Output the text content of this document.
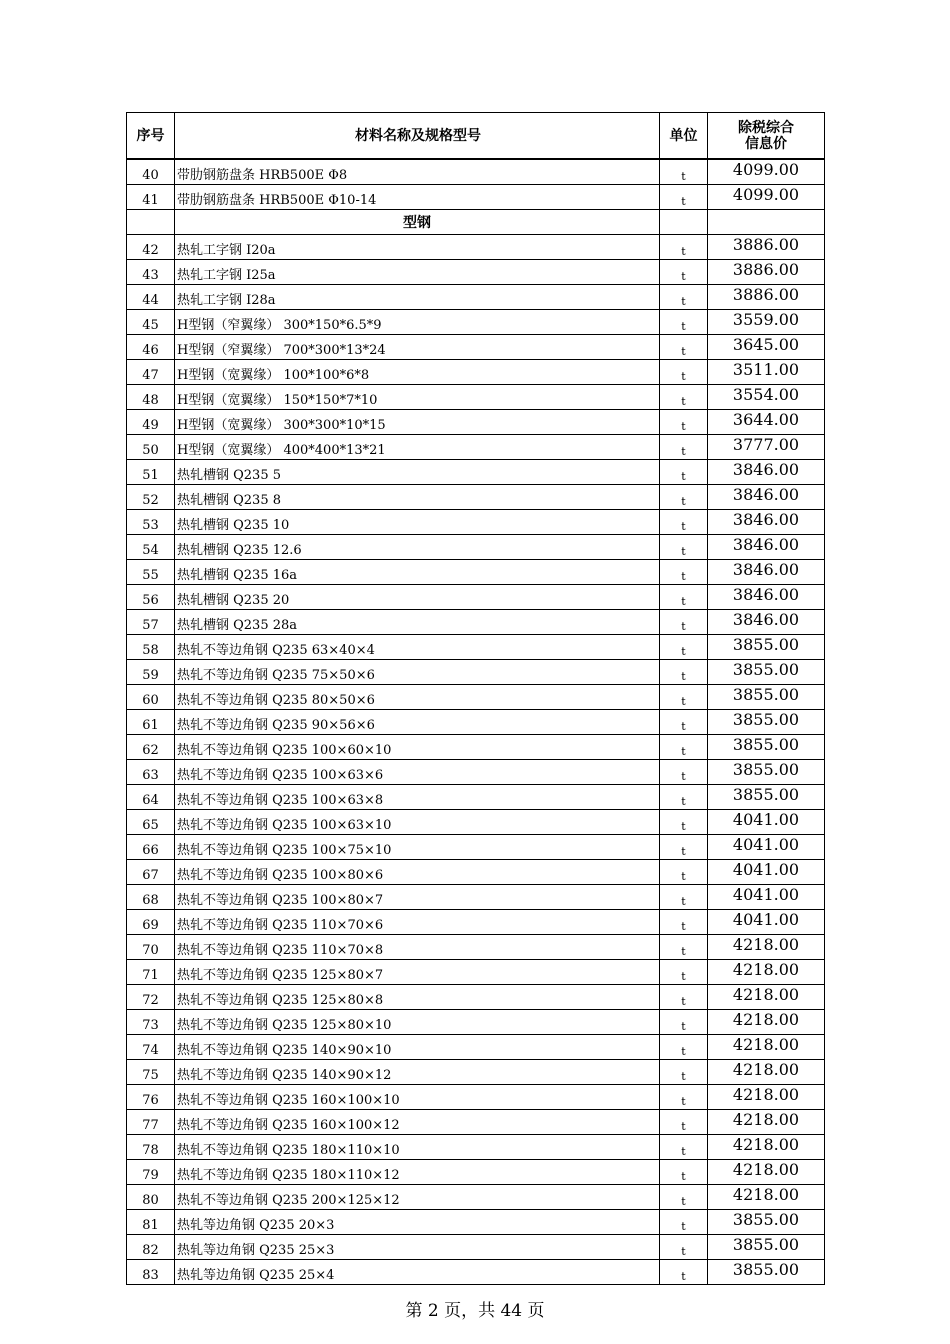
序号	材料名称及规格型号	单位	除税综合
信息价

40	带肋钢筋盘条 HRB500E Φ8	t	4099.00
41	带肋钢筋盘条 HRB500E Φ10-14	t	4099.00
	型钢		
42	热轧工字钢 I20a	t	3886.00
43	热轧工字钢 I25a	t	3886.00
44	热轧工字钢 I28a	t	3886.00
45	H型钢（窄翼缘） 300*150*6.5*9	t	3559.00
46	H型钢（窄翼缘） 700*300*13*24	t	3645.00
47	H型钢（宽翼缘） 100*100*6*8	t	3511.00
48	H型钢（宽翼缘） 150*150*7*10	t	3554.00
49	H型钢（宽翼缘） 300*300*10*15	t	3644.00
50	H型钢（宽翼缘） 400*400*13*21	t	3777.00
51	热轧槽钢 Q235 5	t	3846.00
52	热轧槽钢 Q235 8	t	3846.00
53	热轧槽钢 Q235 10	t	3846.00
54	热轧槽钢 Q235 12.6	t	3846.00
55	热轧槽钢 Q235 16a	t	3846.00
56	热轧槽钢 Q235 20	t	3846.00
57	热轧槽钢 Q235 28a	t	3846.00
58	热轧不等边角钢 Q235 63×40×4	t	3855.00
59	热轧不等边角钢 Q235 75×50×6	t	3855.00
60	热轧不等边角钢 Q235 80×50×6	t	3855.00
61	热轧不等边角钢 Q235 90×56×6	t	3855.00
62	热轧不等边角钢 Q235 100×60×10	t	3855.00
63	热轧不等边角钢 Q235 100×63×6	t	3855.00
64	热轧不等边角钢 Q235 100×63×8	t	3855.00
65	热轧不等边角钢 Q235 100×63×10	t	4041.00
66	热轧不等边角钢 Q235 100×75×10	t	4041.00
67	热轧不等边角钢 Q235 100×80×6	t	4041.00
68	热轧不等边角钢 Q235 100×80×7	t	4041.00
69	热轧不等边角钢 Q235 110×70×6	t	4041.00
70	热轧不等边角钢 Q235 110×70×8	t	4218.00
71	热轧不等边角钢 Q235 125×80×7	t	4218.00
72	热轧不等边角钢 Q235 125×80×8	t	4218.00
73	热轧不等边角钢 Q235 125×80×10	t	4218.00
74	热轧不等边角钢 Q235 140×90×10	t	4218.00
75	热轧不等边角钢 Q235 140×90×12	t	4218.00
76	热轧不等边角钢 Q235 160×100×10	t	4218.00
77	热轧不等边角钢 Q235 160×100×12	t	4218.00
78	热轧不等边角钢 Q235 180×110×10	t	4218.00
79	热轧不等边角钢 Q235 180×110×12	t	4218.00
80	热轧不等边角钢 Q235 200×125×12	t	4218.00
81	热轧等边角钢 Q235 20×3	t	3855.00
82	热轧等边角钢 Q235 25×3	t	3855.00
83	热轧等边角钢 Q235 25×4	t	3855.00
第 2 页，共 44 页
